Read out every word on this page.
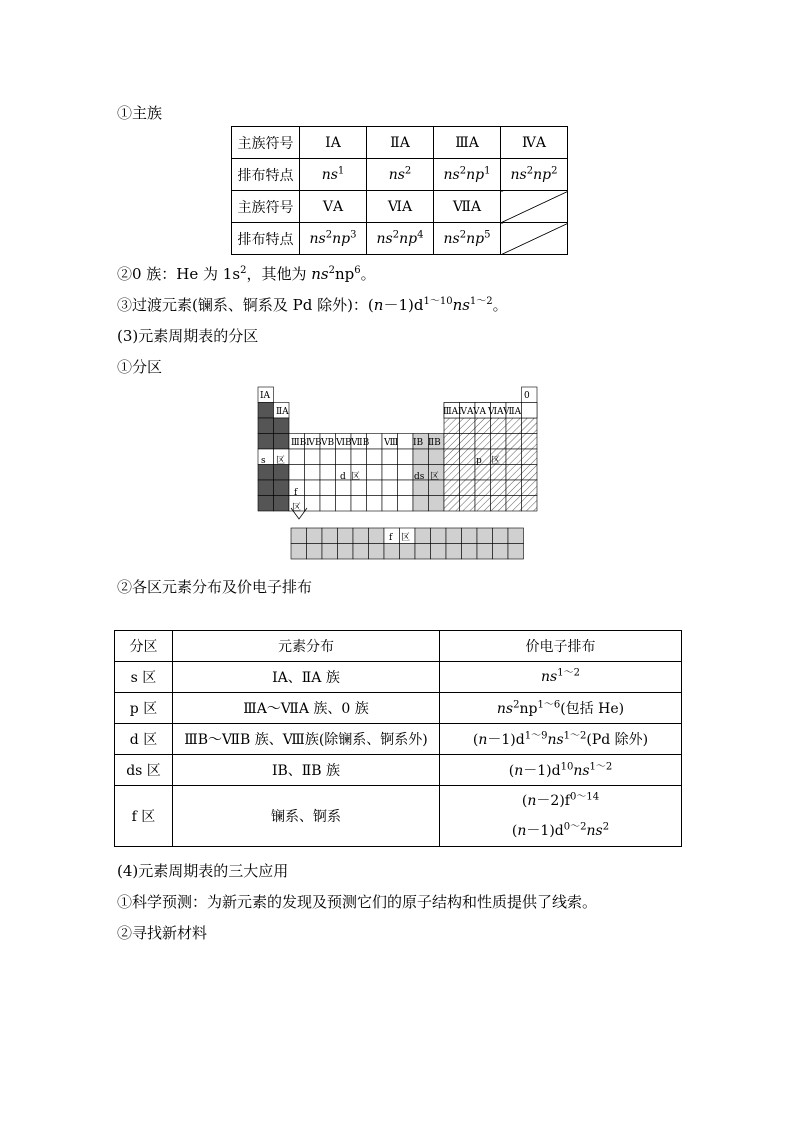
①主族
主族符号	ⅠA	ⅡA	ⅢA	ⅣA
排布特点	$ns^1$	$ns^2$	$ns^2np^1$	$ns^2np^2$
主族符号	ⅤA	ⅥA	ⅦA	
排布特点	$ns^2np^3$	$ns^2np^4$	$ns^2np^5$	
②0 族：He 为 $1s^2$，其他为 $ns^2np^6$。
③过渡元素(镧系、锕系及 Pd 除外)：$(n-1)d^{1\sim 10}ns^{1\sim 2}$。
(3)元素周期表的分区
①分区
ⅠA
ⅡA
ⅢB ⅣB ⅤB ⅥB ⅦB Ⅷ ⅠB ⅡB
ⅢA ⅣA ⅤA ⅥA ⅦA
0
s 区
d 区	ds 区
p 区
f
区
f 区
②各区元素分布及价电子排布
分区	元素分布	价电子排布
s 区	ⅠA、ⅡA 族	$ns^{1\sim 2}$
p 区	ⅢA～ⅦA 族、0 族	$ns^2np^{1\sim 6}$(包括 He)
d 区	ⅢB～ⅦB 族、Ⅷ族(除镧系、锕系外)	$(n-1)d^{1\sim 9}ns^{1\sim 2}(Pd$ 除外)
ds 区	ⅠB、ⅡB 族	$(n-1)d^{10}ns^{1\sim 2}$
f 区	镧系、锕系	$(n-2)f^{0\sim 14}$
$(n-1)d^{0\sim 2}ns^2$
(4)元素周期表的三大应用
①科学预测：为新元素的发现及预测它们的原子结构和性质提供了线索。
②寻找新材料
